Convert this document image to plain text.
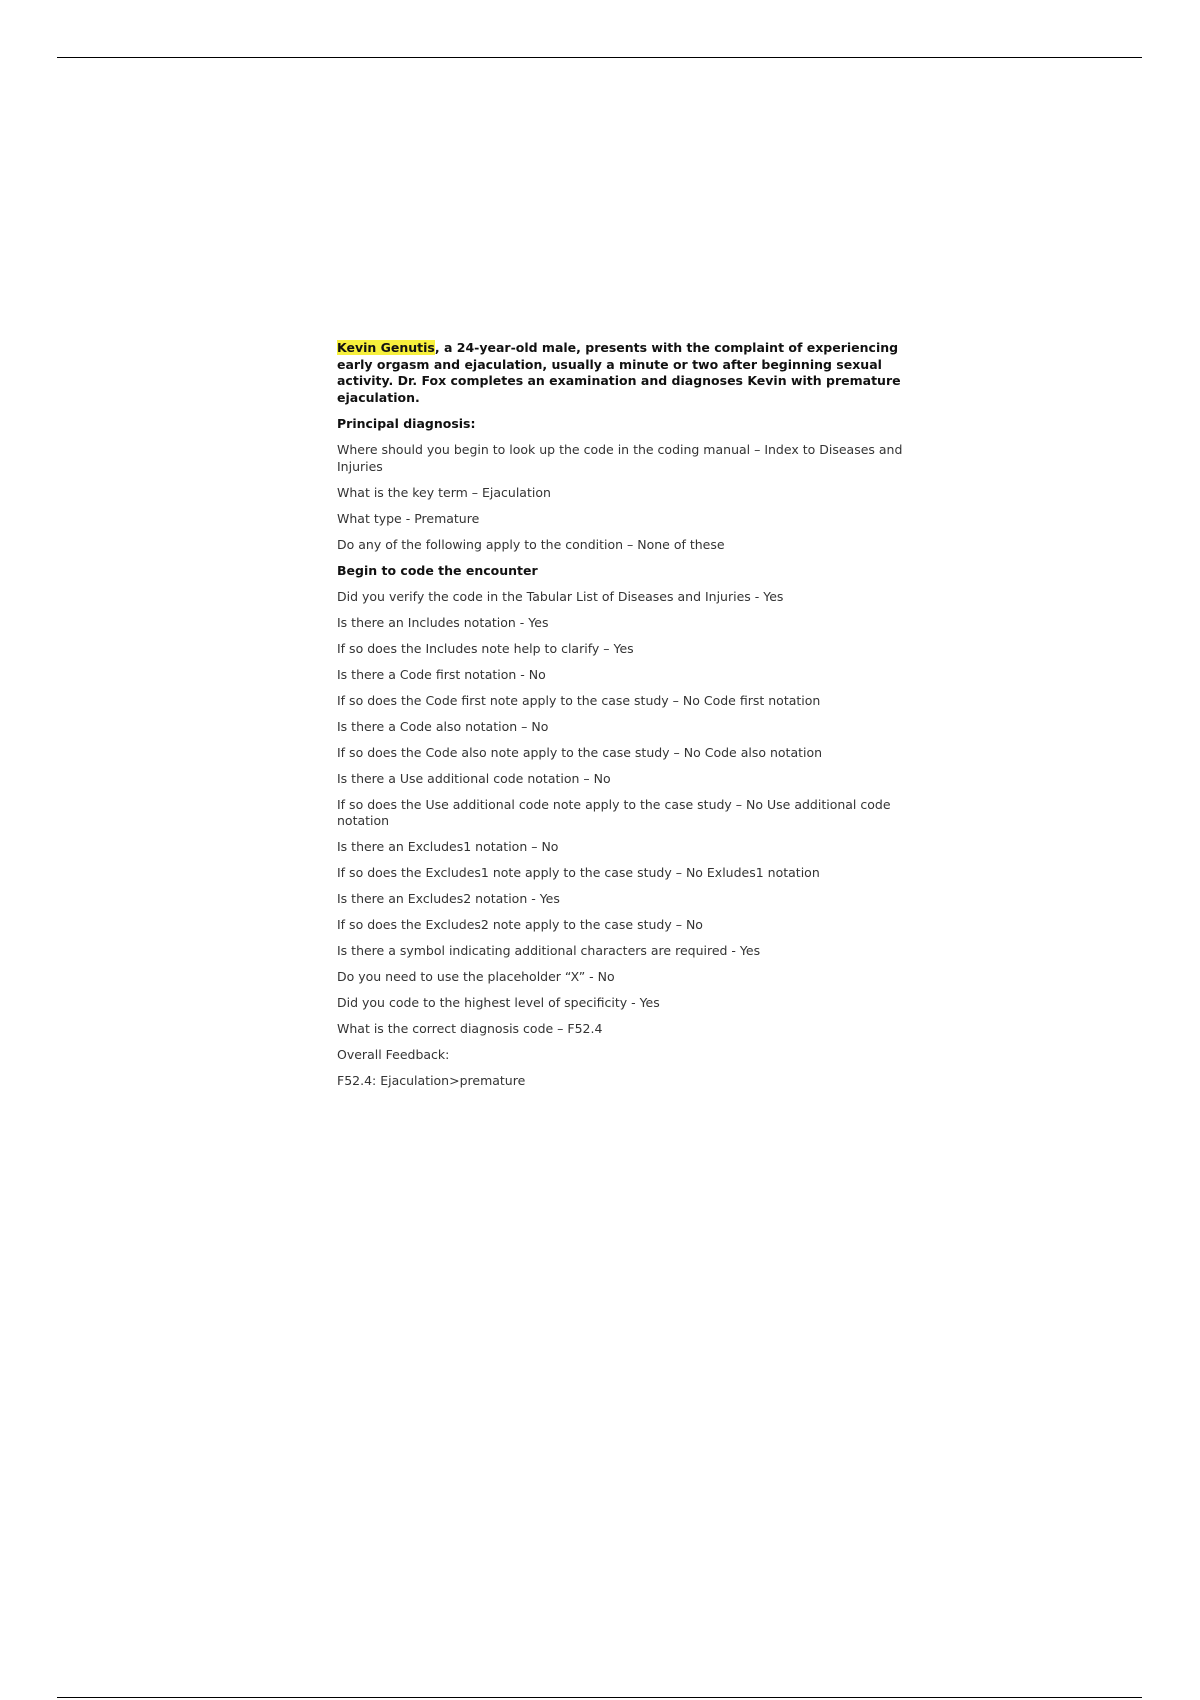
Kevin Genutis, a 24-year-old male, presents with the complaint of experiencing early orgasm and ejaculation, usually a minute or two after beginning sexual activity. Dr. Fox completes an examination and diagnoses Kevin with premature ejaculation.

Principal diagnosis:
Where should you begin to look up the code in the coding manual – Index to Diseases and Injuries
What is the key term – Ejaculation
What type - Premature
Do any of the following apply to the condition – None of these
Begin to code the encounter
Did you verify the code in the Tabular List of Diseases and Injuries - Yes
Is there an Includes notation - Yes
If so does the Includes note help to clarify – Yes
Is there a Code first notation - No
If so does the Code first note apply to the case study – No Code first notation
Is there a Code also notation – No
If so does the Code also note apply to the case study – No Code also notation
Is there a Use additional code notation – No
If so does the Use additional code note apply to the case study – No Use additional code notation
Is there an Excludes1 notation – No
If so does the Excludes1 note apply to the case study – No Exludes1 notation
Is there an Excludes2 notation - Yes
If so does the Excludes2 note apply to the case study – No
Is there a symbol indicating additional characters are required - Yes
Do you need to use the placeholder “X” - No
Did you code to the highest level of specificity - Yes
What is the correct diagnosis code – F52.4
Overall Feedback:
F52.4: Ejaculation>premature
